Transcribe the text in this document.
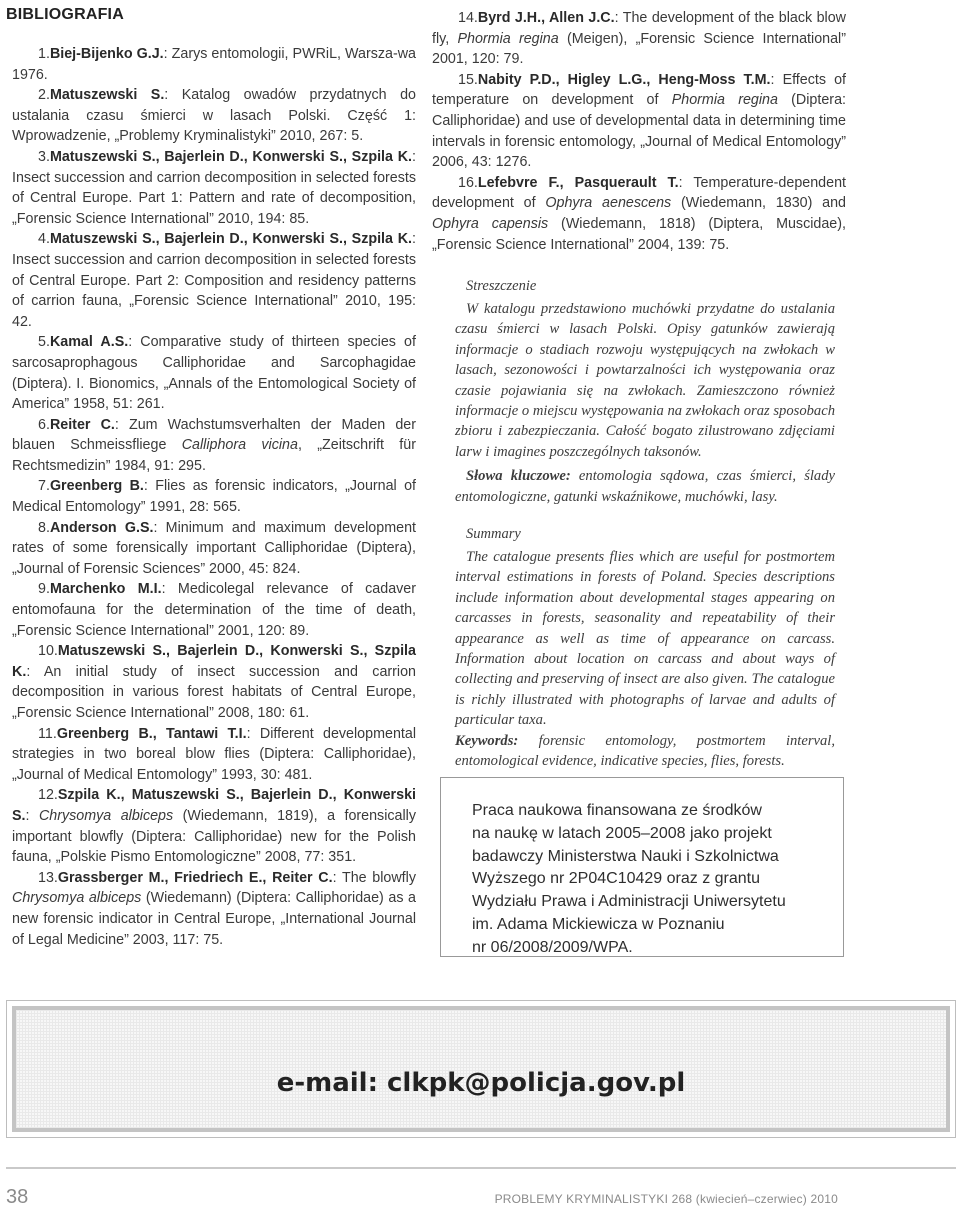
BIBLIOGRAFIA

1.Biej-Bijenko G.J.: Zarys entomologii, PWRiL, Warsza-wa 1976.

2.Matuszewski S.: Katalog owadów przydatnych do ustalania czasu śmierci w lasach Polski. Część 1: Wprowadzenie, „Problemy Kryminalistyki” 2010, 267: 5.

3.Matuszewski S., Bajerlein D., Konwerski S., Szpila K.: Insect succession and carrion decomposition in selected forests of Central Europe. Part 1: Pattern and rate of decomposition, „Forensic Science International” 2010, 194: 85.

4.Matuszewski S., Bajerlein D., Konwerski S., Szpila K.: Insect succession and carrion decomposition in selected forests of Central Europe. Part 2: Composition and residency patterns of carrion fauna, „Forensic Science International” 2010, 195: 42.

5.Kamal A.S.: Comparative study of thirteen species of sarcosaprophagous Calliphoridae and Sarcophagidae (Diptera). I. Bionomics, „Annals of the Entomological Society of America” 1958, 51: 261.

6.Reiter C.: Zum Wachstumsverhalten der Maden der blauen Schmeissfliege Calliphora vicina, „Zeitschrift für Rechtsmedizin” 1984, 91: 295.

7.Greenberg B.: Flies as forensic indicators, „Journal of Medical Entomology” 1991, 28: 565.

8.Anderson G.S.: Minimum and maximum development rates of some forensically important Calliphoridae (Diptera), „Journal of Forensic Sciences” 2000, 45: 824.

9.Marchenko M.I.: Medicolegal relevance of cadaver entomofauna for the determination of the time of death, „Forensic Science International” 2001, 120: 89.

10.Matuszewski S., Bajerlein D., Konwerski S., Szpila K.: An initial study of insect succession and carrion decomposition in various forest habitats of Central Europe, „Forensic Science International” 2008, 180: 61.

11.Greenberg B., Tantawi T.I.: Different developmental strategies in two boreal blow flies (Diptera: Calliphoridae), „Journal of Medical Entomology” 1993, 30: 481.

12.Szpila K., Matuszewski S., Bajerlein D., Konwerski S.: Chrysomya albiceps (Wiedemann, 1819), a forensically important blowfly (Diptera: Calliphoridae) new for the Polish fauna, „Polskie Pismo Entomologiczne” 2008, 77: 351.

13.Grassberger M., Friedriech E., Reiter C.: The blowfly Chrysomya albiceps (Wiedemann) (Diptera: Calliphoridae) as a new forensic indicator in Central Europe, „International Journal of Legal Medicine” 2003, 117: 75.

14.Byrd J.H., Allen J.C.: The development of the black blow fly, Phormia regina (Meigen), „Forensic Science International” 2001, 120: 79.

15.Nabity P.D., Higley L.G., Heng-Moss T.M.: Effects of temperature on development of Phormia regina (Diptera: Calliphoridae) and use of developmental data in determining time intervals in forensic entomology, „Journal of Medical Entomology” 2006, 43: 1276.

16.Lefebvre F., Pasquerault T.: Temperature-dependent development of Ophyra aenescens (Wiedemann, 1830) and Ophyra capensis (Wiedemann, 1818) (Diptera, Muscidae), „Forensic Science International” 2004, 139: 75.

Streszczenie

W katalogu przedstawiono muchówki przydatne do ustalania czasu śmierci w lasach Polski. Opisy gatunków zawierają informacje o stadiach rozwoju występujących na zwłokach w lasach, sezonowości i powtarzalności ich występowania oraz czasie pojawiania się na zwłokach. Zamieszczono również informacje o miejscu występowania na zwłokach oraz sposobach zbioru i zabezpieczania. Całość bogato zilustrowano zdjęciami larw i imagines poszczególnych taksonów.

Słowa kluczowe: entomologia sądowa, czas śmierci, ślady entomologiczne, gatunki wskaźnikowe, muchówki, lasy.

Summary

The catalogue presents flies which are useful for postmortem interval estimations in forests of Poland. Species descriptions include information about developmental stages appearing on carcasses in forests, seasonality and repeatability of their appearance as well as time of appearance on carcass. Information about location on carcass and about ways of collecting and preserving of insect are also given. The catalogue is richly illustrated with photographs of larvae and adults of particular taxa.

Keywords: forensic entomology, postmortem interval, entomological evidence, indicative species, flies, forests.

Praca naukowa finansowana ze środków
na naukę w latach 2005–2008 jako projekt
badawczy Ministerstwa Nauki i Szkolnictwa
Wyższego nr 2P04C10429 oraz z grantu
Wydziału Prawa i Administracji Uniwersytetu
im. Adama Mickiewicza w Poznaniu
nr 06/2008/2009/WPA.
e-mail: clkpk@policja.gov.pl
38	PROBLEMY KRYMINALISTYKI 268 (kwiecień–czerwiec) 2010
